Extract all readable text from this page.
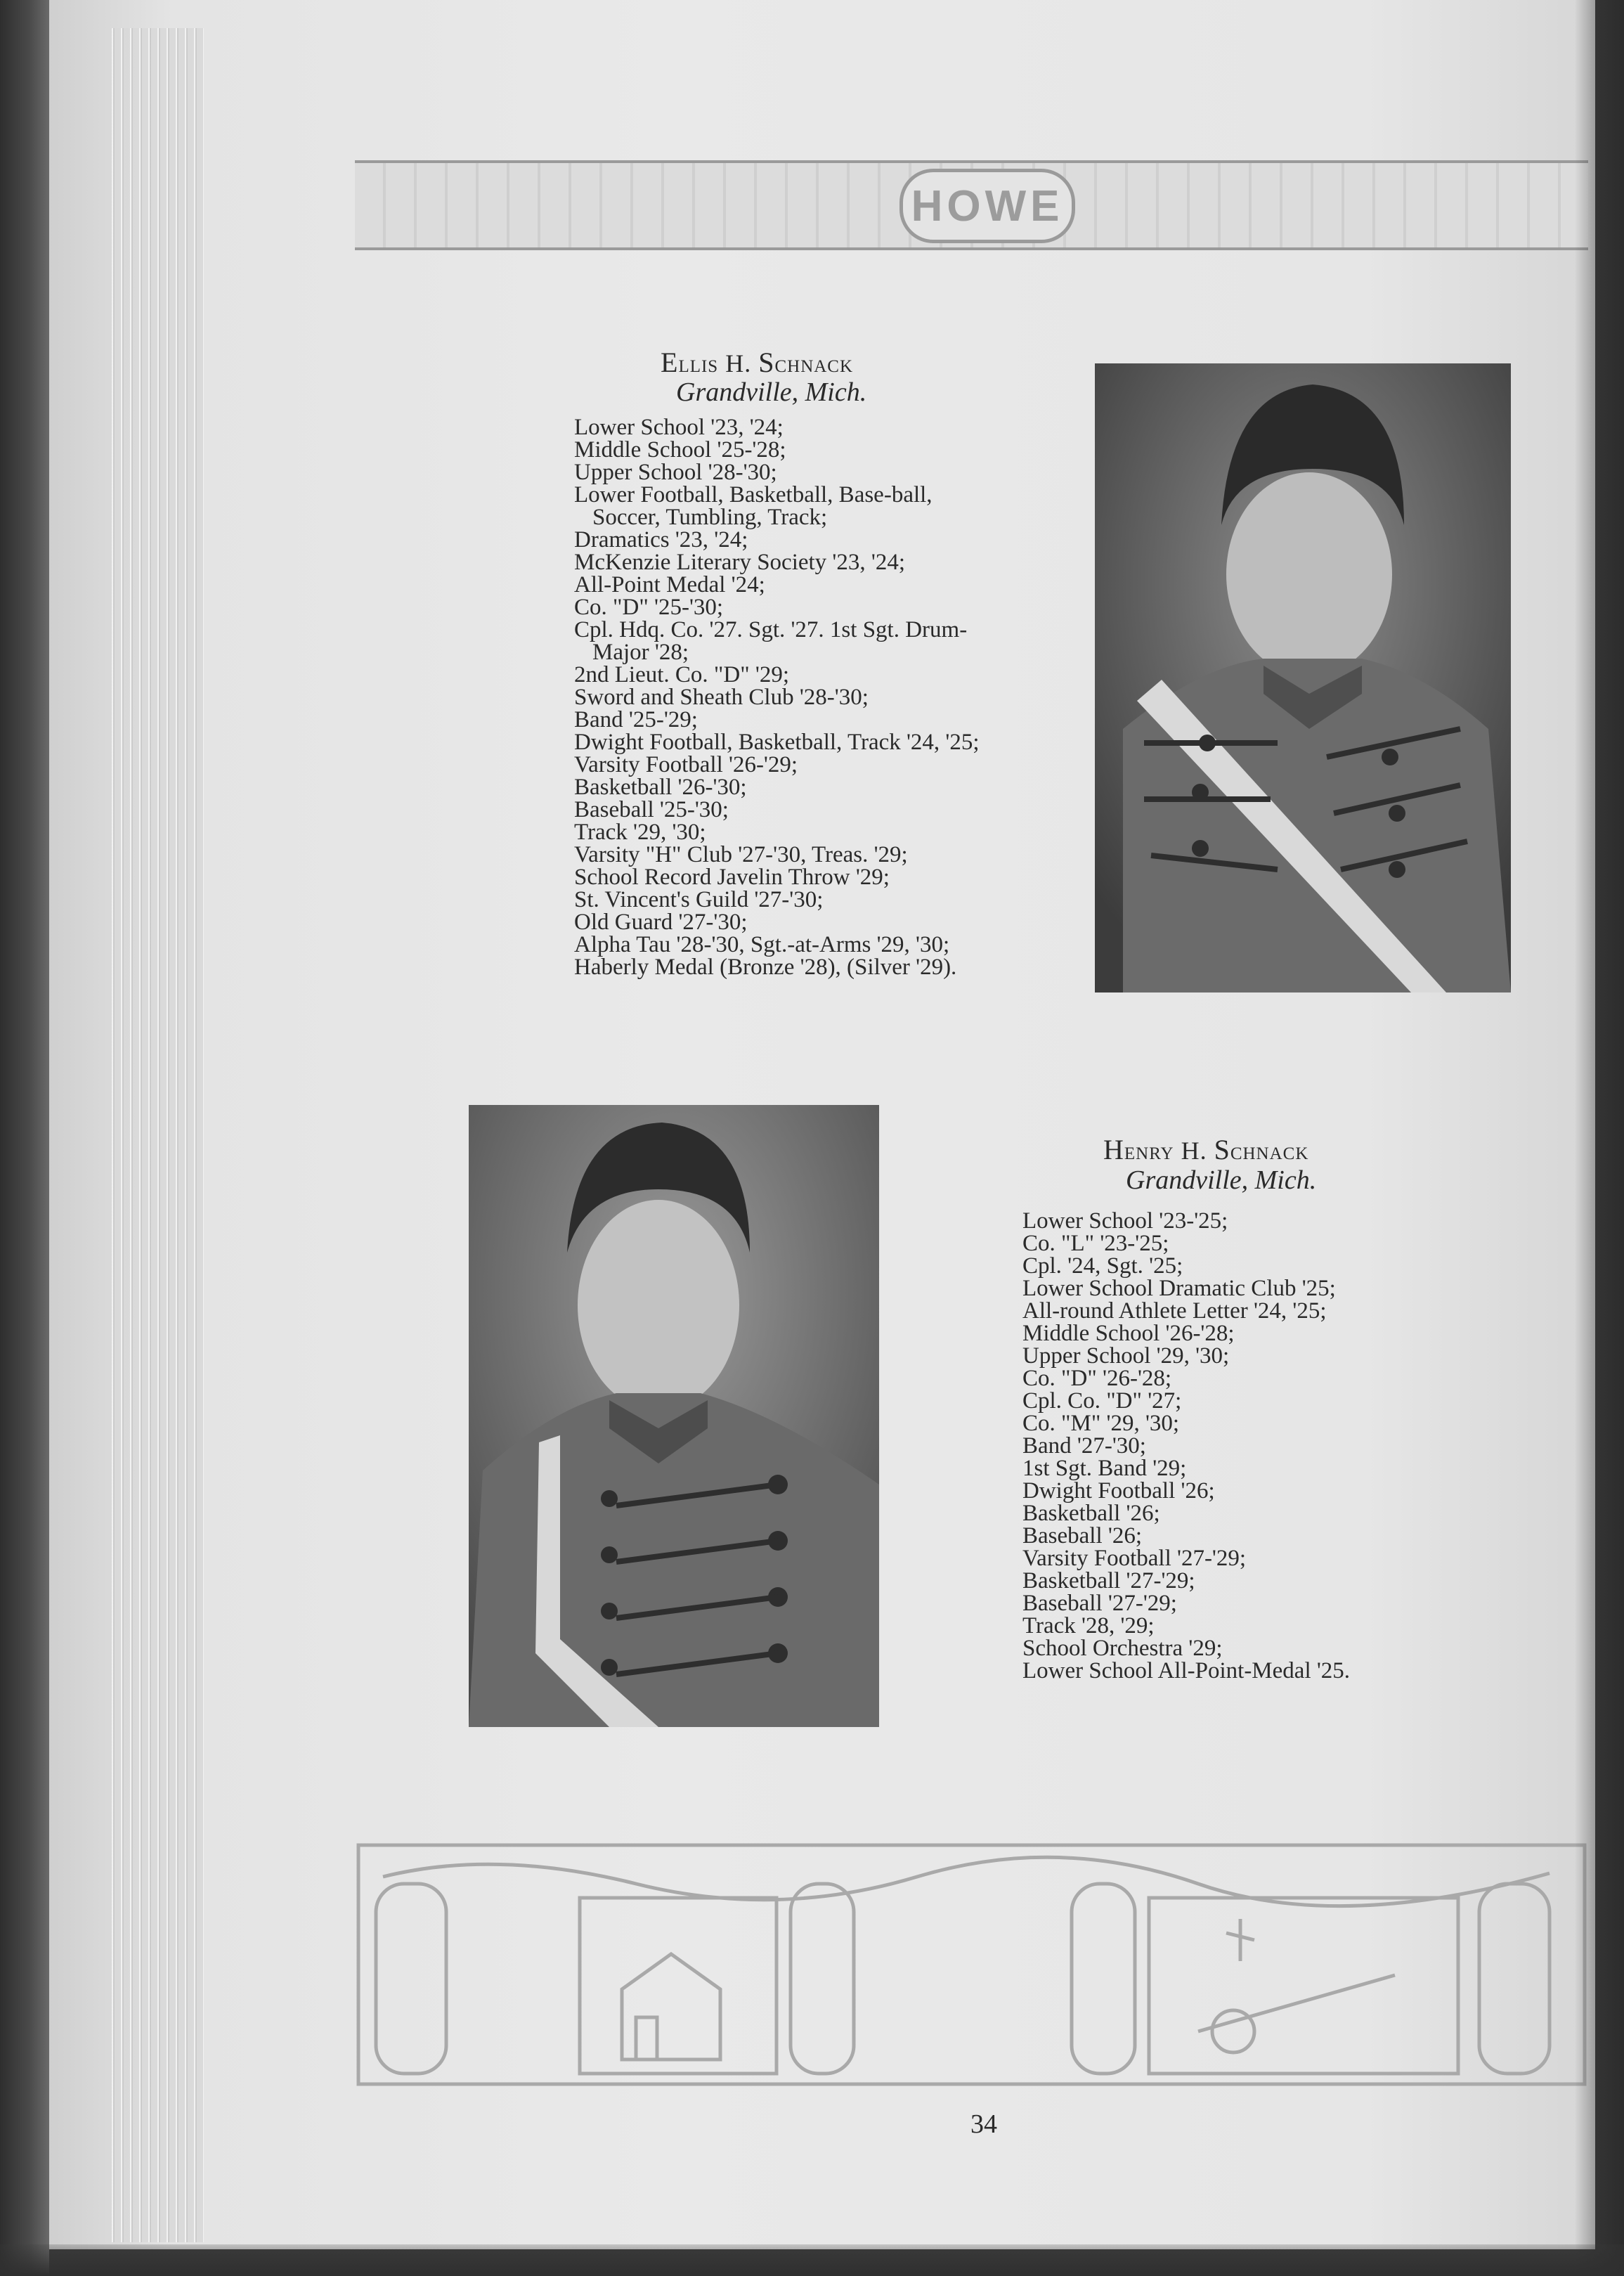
HOWE
Ellis H. Schnack
Grandville, Mich.
Lower School '23, '24;
Middle School '25-'28;
Upper School '28-'30;
Lower Football, Basketball, Base-ball, Soccer, Tumbling, Track;
Dramatics '23, '24;
McKenzie Literary Society '23, '24;
All-Point Medal '24;
Co. "D" '25-'30;
Cpl. Hdq. Co. '27. Sgt. '27. 1st Sgt. Drum-Major '28;
2nd Lieut. Co. "D" '29;
Sword and Sheath Club '28-'30;
Band '25-'29;
Dwight Football, Basketball, Track '24, '25;
Varsity Football '26-'29;
Basketball '26-'30;
Baseball '25-'30;
Track '29, '30;
Varsity "H" Club '27-'30, Treas. '29;
School Record Javelin Throw '29;
St. Vincent's Guild '27-'30;
Old Guard '27-'30;
Alpha Tau '28-'30, Sgt.-at-Arms '29, '30;
Haberly Medal (Bronze '28), (Silver '29).
Henry H. Schnack
Grandville, Mich.
Lower School '23-'25;
Co. "L" '23-'25;
Cpl. '24, Sgt. '25;
Lower School Dramatic Club '25;
All-round Athlete Letter '24, '25;
Middle School '26-'28;
Upper School '29, '30;
Co. "D" '26-'28;
Cpl. Co. "D" '27;
Co. "M" '29, '30;
Band '27-'30;
1st Sgt. Band '29;
Dwight Football '26;
Basketball '26;
Baseball '26;
Varsity Football '27-'29;
Basketball '27-'29;
Baseball '27-'29;
Track '28, '29;
School Orchestra '29;
Lower School All-Point-Medal '25.
34
